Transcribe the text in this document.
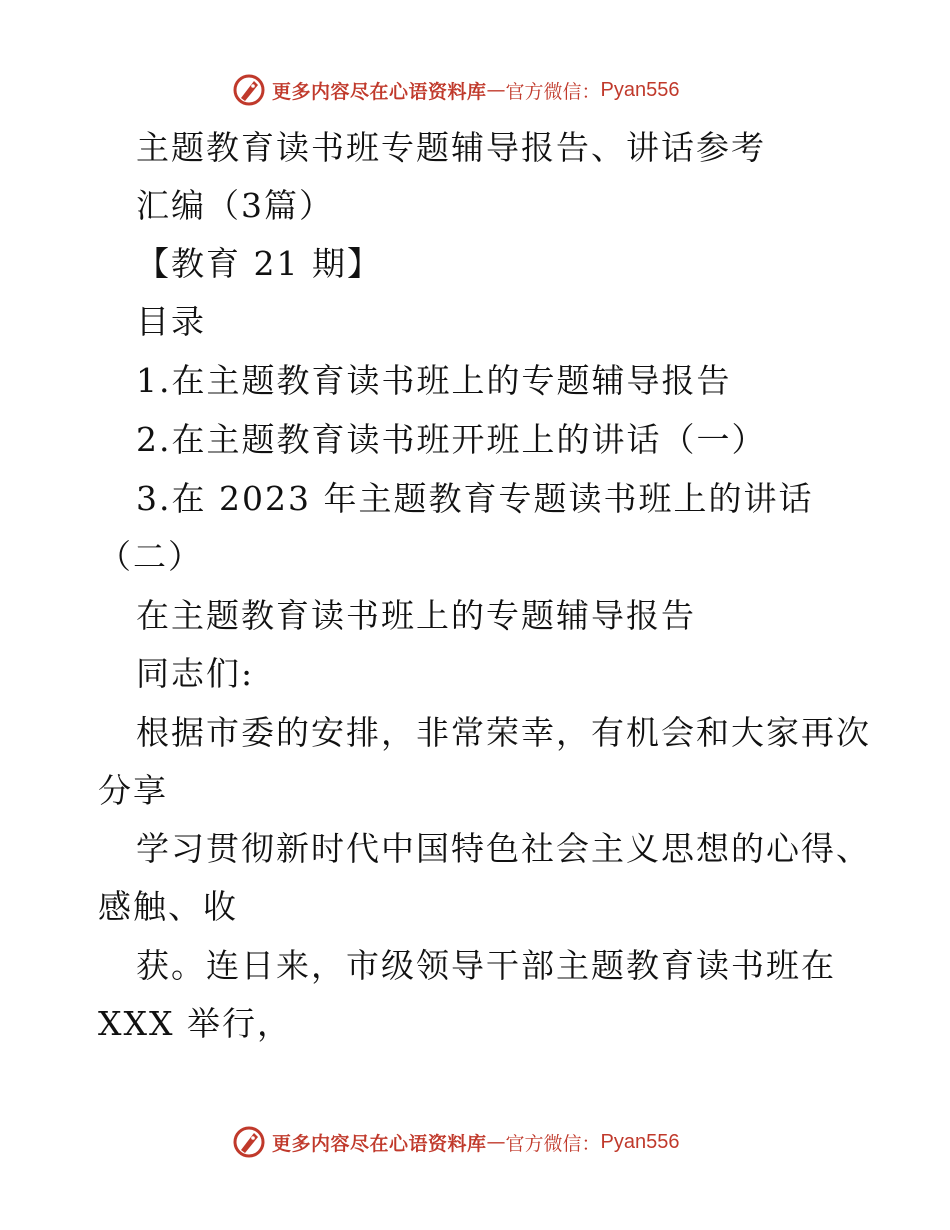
更多内容尽在心语资料库 — 官方微信： Pyan556
主题教育读书班专题辅导报告、讲话参考
汇编（3篇）
【教育 21 期】
目录
1.在主题教育读书班上的专题辅导报告
2.在主题教育读书班开班上的讲话（一）
3.在 2023 年主题教育专题读书班上的讲话
（二）
在主题教育读书班上的专题辅导报告
同志们:
根据市委的安排，非常荣幸，有机会和大家再次
分享
学习贯彻新时代中国特色社会主义思想的心得、
感触、收
获。连日来，市级领导干部主题教育读书班在
XXX 举行，
更多内容尽在心语资料库 — 官方微信： Pyan556
